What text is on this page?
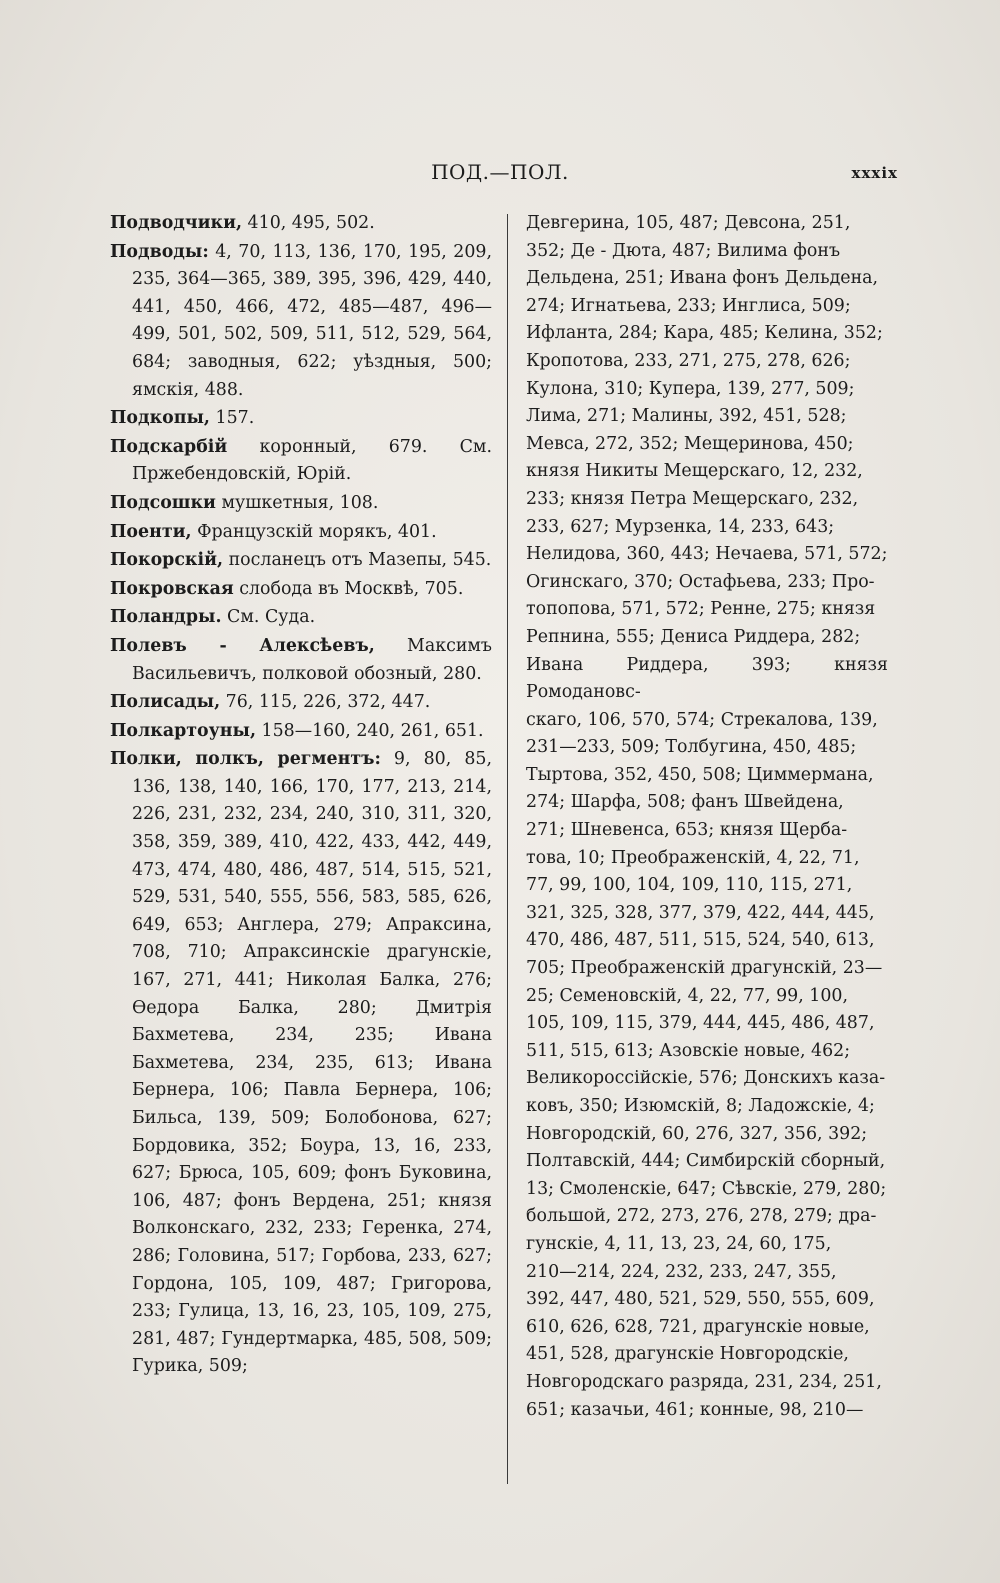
ПОД.—ПОЛ.	xxxix

Подводчики, 410, 495, 502.

Подводы: 4, 70, 113, 136, 170, 195, 209, 235, 364—365, 389, 395, 396, 429, 440, 441, 450, 466, 472, 485—487, 496—499, 501, 502, 509, 511, 512, 529, 564, 684; заводныя, 622; уѣздныя, 500; ямскія, 488.

Подкопы, 157.

Подскарбій коронный, 679. См. Пржебендовскій, Юрій.

Подсошки мушкетныя, 108.

Поенти, Французскій морякъ, 401.

Покорскій, посланецъ отъ Мазепы, 545.

Покровская слобода въ Москвѣ, 705.

Поландры. См. Суда.

Полевъ - Алексѣевъ, Максимъ Васильевичъ, полковой обозный, 280.

Полисады, 76, 115, 226, 372, 447.

Полкартоуны, 158—160, 240, 261, 651.

Полки, полкъ, регментъ: 9, 80, 85, 136, 138, 140, 166, 170, 177, 213, 214, 226, 231, 232, 234, 240, 310, 311, 320, 358, 359, 389, 410, 422, 433, 442, 449, 473, 474, 480, 486, 487, 514, 515, 521, 529, 531, 540, 555, 556, 583, 585, 626, 649, 653; Англера, 279; Апраксина, 708, 710; Апраксинскіе драгунскіе, 167, 271, 441; Николая Балка, 276; Ѳедора Балка, 280; Дмитрія Бахметева, 234, 235; Ивана Бахметева, 234, 235, 613; Ивана Бернера, 106; Павла Бернера, 106; Бильса, 139, 509; Болобонова, 627; Бордовика, 352; Боура, 13, 16, 233, 627; Брюса, 105, 609; фонъ Буковина, 106, 487; фонъ Вердена, 251; князя Волконскаго, 232, 233; Геренка, 274, 286; Головина, 517; Горбова, 233, 627; Гордона, 105, 109, 487; Григорова, 233; Гулица, 13, 16, 23, 105, 109, 275, 281, 487; Гундертмарка, 485, 508, 509; Гурика, 509;

Девгерина, 105, 487; Девсона, 251,
352; Де - Дюта, 487; Вилима фонъ
Дельдена, 251; Ивана фонъ Дельдена,
274; Игнатьева, 233; Инглиса, 509;
Ифланта, 284; Кара, 485; Келина, 352;
Кропотова, 233, 271, 275, 278, 626;
Кулона, 310; Купера, 139, 277, 509;
Лима, 271; Малины, 392, 451, 528;
Мевса, 272, 352; Мещеринова, 450;
князя Никиты Мещерскаго, 12, 232,
233; князя Петра Мещерскаго, 232,
233, 627; Мурзенка, 14, 233, 643;
Нелидова, 360, 443; Нечаева, 571, 572;
Огинскаго, 370; Остафьева, 233; Про-
топопова, 571, 572; Ренне, 275; князя
Репнина, 555; Дениса Риддера, 282;
Ивана Риддера, 393; князя Ромодановс-
скаго, 106, 570, 574; Стрекалова, 139,
231—233, 509; Толбугина, 450, 485;
Тыртова, 352, 450, 508; Циммермана,
274; Шарфа, 508; фанъ Швейдена,
271; Шневенса, 653; князя Щерба-
това, 10; Преображенскій, 4, 22, 71,
77, 99, 100, 104, 109, 110, 115, 271,
321, 325, 328, 377, 379, 422, 444, 445,
470, 486, 487, 511, 515, 524, 540, 613,
705; Преображенскій драгунскій, 23—
25; Семеновскій, 4, 22, 77, 99, 100,
105, 109, 115, 379, 444, 445, 486, 487,
511, 515, 613; Азовскіе новые, 462;
Великороссійскіе, 576; Донскихъ каза-
ковъ, 350; Изюмскій, 8; Ладожскіе, 4;
Новгородскій, 60, 276, 327, 356, 392;
Полтавскій, 444; Симбирскій сборный,
13; Смоленскіе, 647; Сѣвскіе, 279, 280;
большой, 272, 273, 276, 278, 279; дра-
гунскіе, 4, 11, 13, 23, 24, 60, 175,
210—214, 224, 232, 233, 247, 355,
392, 447, 480, 521, 529, 550, 555, 609,
610, 626, 628, 721, драгунскіе новые,
451, 528, драгунскіе Новгородскіе,
Новгородскаго разряда, 231, 234, 251,
651; казачьи, 461; конные, 98, 210—
